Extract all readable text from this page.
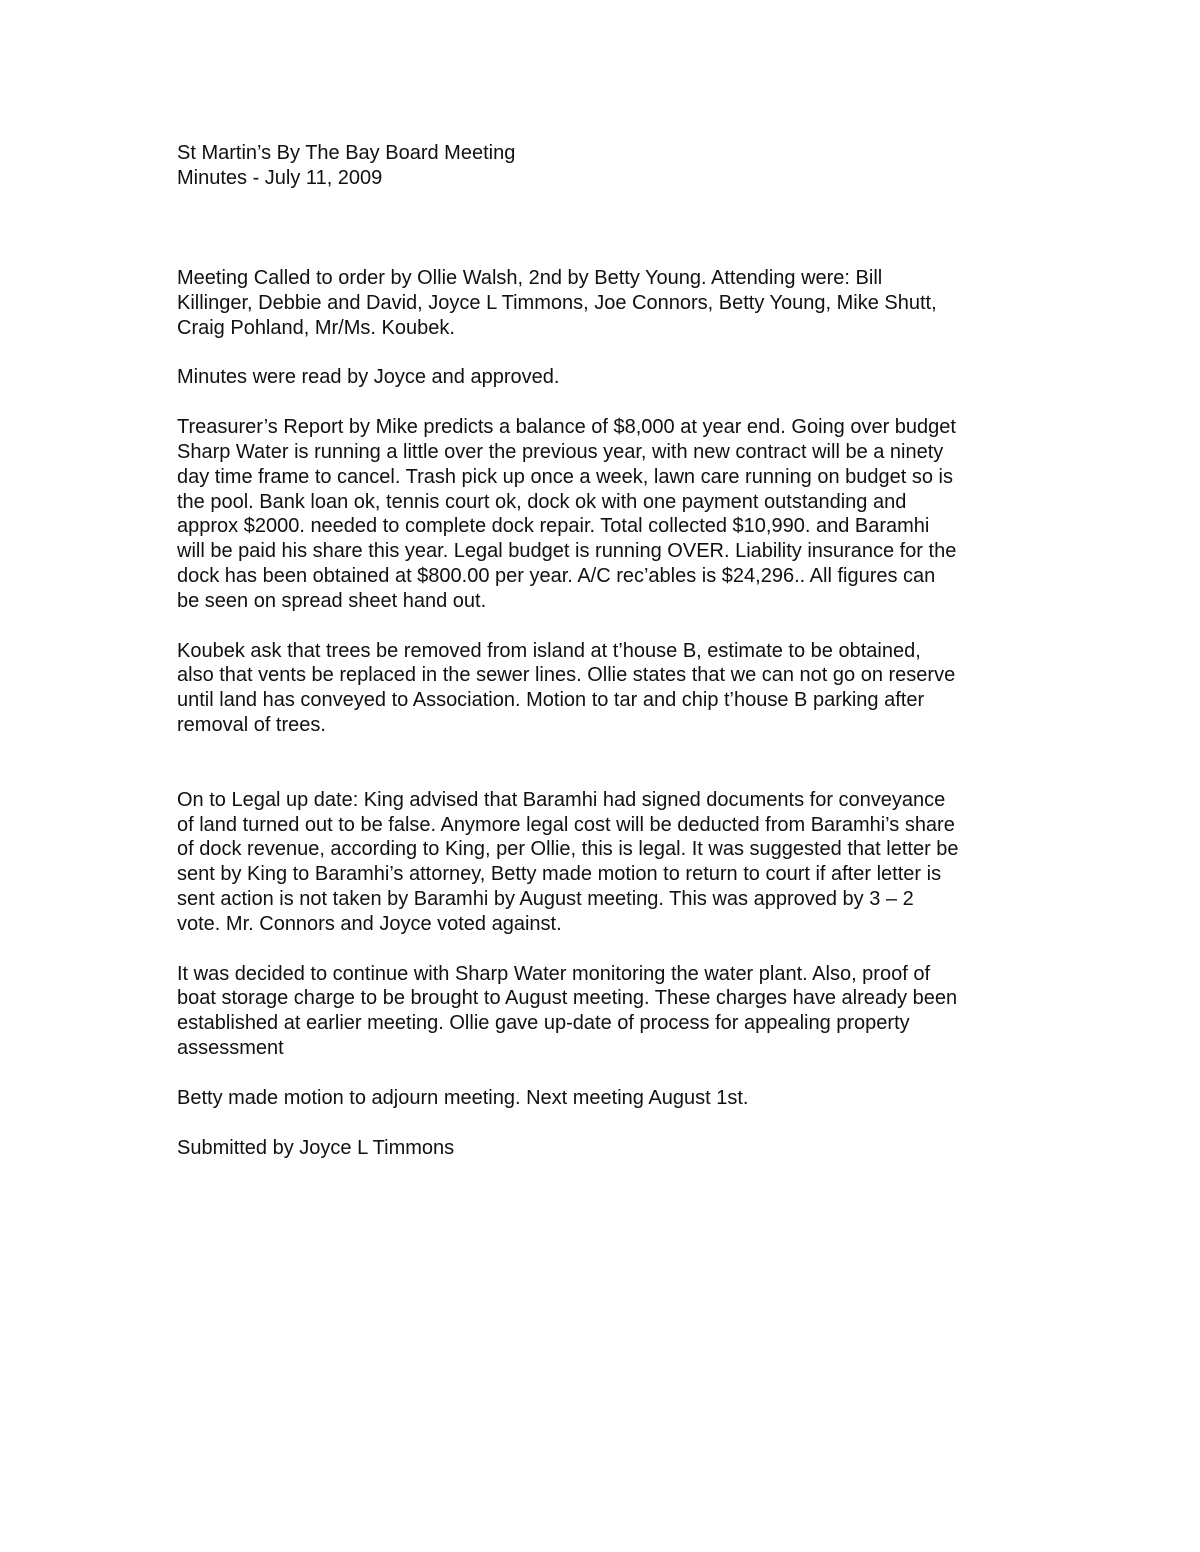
St Martin’s By The Bay Board Meeting

Minutes - July 11, 2009

Meeting Called to order by Ollie Walsh, 2nd by Betty Young. Attending were: Bill
Killinger, Debbie and David, Joyce L Timmons, Joe Connors, Betty Young, Mike Shutt,
Craig Pohland, Mr/Ms. Koubek.

Minutes were read by Joyce and approved.

Treasurer’s Report by Mike predicts a balance of $8,000 at year end. Going over budget
Sharp Water is running a little over the previous year, with new contract will be a ninety
day time frame to cancel. Trash pick up once a week, lawn care running on budget so is
the pool. Bank loan ok, tennis court ok, dock ok with one payment outstanding and
approx $2000. needed to complete dock repair. Total collected $10,990. and Baramhi
will be paid his share this year. Legal budget is running OVER. Liability insurance for the
dock has been obtained at $800.00 per year. A/C rec’ables is $24,296.. All figures can
be seen on spread sheet hand out.

Koubek ask that trees be removed from island at t’house B, estimate to be obtained,
also that vents be replaced in the sewer lines. Ollie states that we can not go on reserve
until land has conveyed to Association. Motion to tar and chip t’house B parking after
removal of trees.

On to Legal up date: King advised that Baramhi had signed documents for conveyance
of land turned out to be false. Anymore legal cost will be deducted from Baramhi’s share
of dock revenue, according to King, per Ollie, this is legal. It was suggested that letter be
sent by King to Baramhi’s attorney, Betty made motion to return to court if after letter is
sent action is not taken by Baramhi by August meeting. This was approved by 3 – 2
vote. Mr. Connors and Joyce voted against.

It was decided to continue with Sharp Water monitoring the water plant. Also, proof of
boat storage charge to be brought to August meeting. These charges have already been
established at earlier meeting. Ollie gave up-date of process for appealing property
assessment

Betty made motion to adjourn meeting. Next meeting August 1st.

Submitted by Joyce L Timmons
